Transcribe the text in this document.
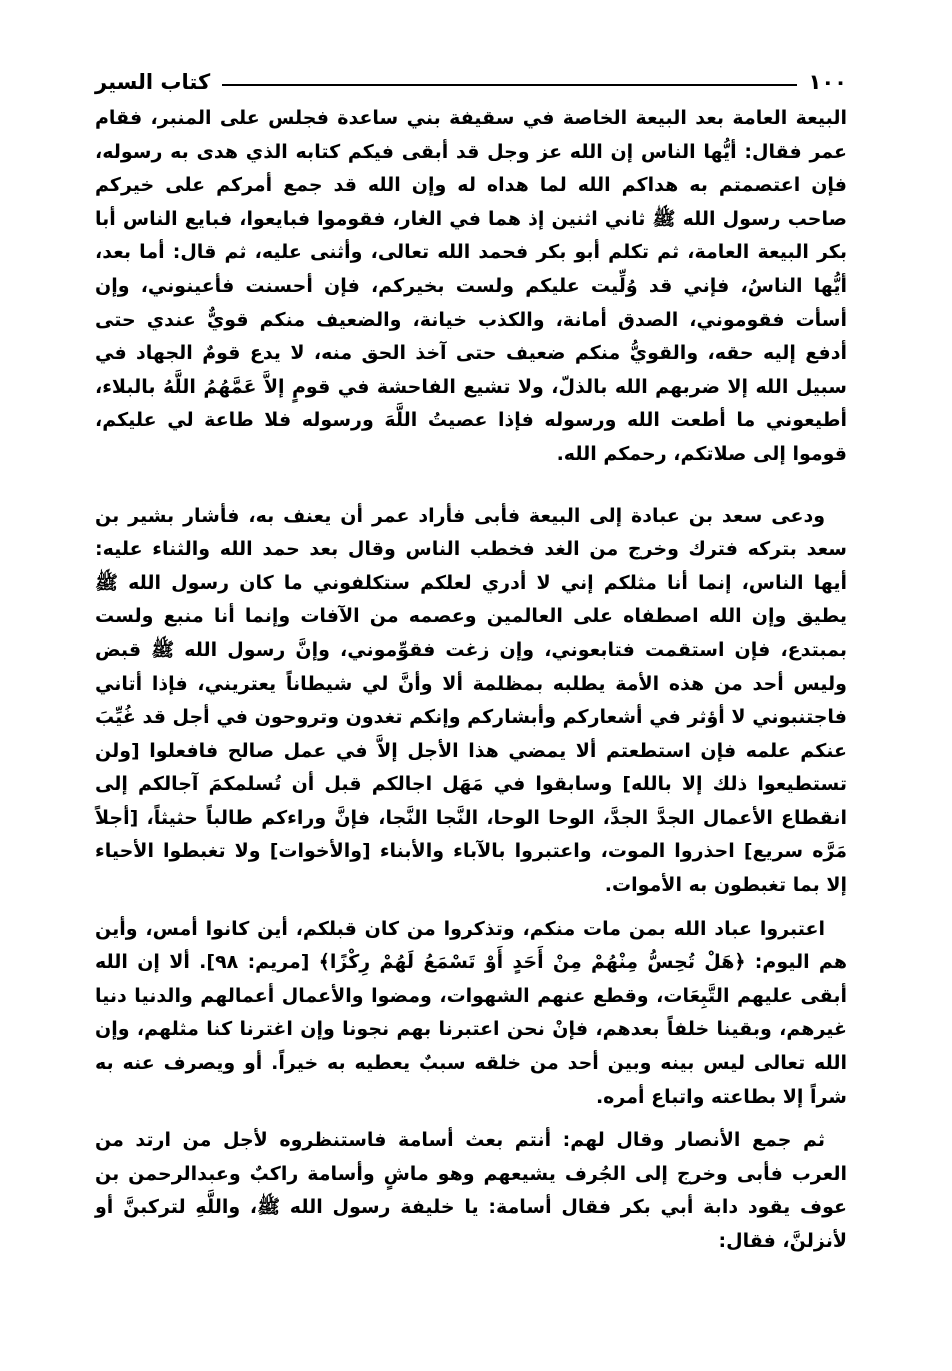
١٠٠
كتاب السير

البيعة العامة بعد البيعة الخاصة في سقيفة بني ساعدة فجلس على المنبر، فقام عمر فقال: أيُّها الناس إن الله عز وجل قد أبقى فيكم كتابه الذي هدى به رسوله، فإن اعتصمتم به هداكم الله لما هداه له وإن الله قد جمع أمركم على خيركم صاحب رسول الله ﷺ ثاني اثنين إذ هما في الغار، فقوموا فبايعوا، فبايع الناس أبا بكر البيعة العامة، ثم تكلم أبو بكر فحمد الله تعالى، وأثنى عليه، ثم قال: أما بعد، أيُّها الناسُ، فإني قد وُلِّيت عليكم ولست بخيركم، فإن أحسنت فأعينوني، وإن أسأت فقوموني، الصدق أمانة، والكذب خيانة، والضعيف منكم قويٌّ عندي حتى أدفع إليه حقه، والقويُّ منكم ضعيف حتى آخذ الحق منه، لا يدع قومٌ الجهاد في سبيل الله إلا ضربهم الله بالذلّ، ولا تشيع الفاحشة في قومٍ إلاَّ عَمَّهُمُ اللَّهُ بالبلاء، أطيعوني ما أطعت الله ورسوله فإذا عصيتُ اللَّهَ ورسوله فلا طاعة لي عليكم، قوموا إلى صلاتكم، رحمكم الله.

ودعى سعد بن عبادة إلى البيعة فأبى فأراد عمر أن يعنف به، فأشار بشير بن سعد بتركه فترك وخرج من الغد فخطب الناس وقال بعد حمد الله والثناء عليه: أيها الناس، إنما أنا مثلكم إني لا أدري لعلكم ستكلفوني ما كان رسول الله ﷺ يطيق وإن الله اصطفاه على العالمين وعصمه من الآفات وإنما أنا منبع ولست بمبتدع، فإن استقمت فتابعوني، وإن زغت فقوِّموني، وإنَّ رسول الله ﷺ قبض وليس أحد من هذه الأمة يطلبه بمظلمة ألا وأنَّ لي شيطاناً يعتريني، فإذا أتاني فاجتنبوني لا أؤثر في أشعاركم وأبشاركم وإنكم تغدون وتروحون في أجل قد غُيِّبَ عنكم علمه فإن استطعتم ألا يمضي هذا الأجل إلاَّ في عمل صالح فافعلوا [ولن تستطيعوا ذلك إلا بالله] وسابقوا في مَهَل اجالكم قبل أن تُسلمكمَ آجالكم إلى انقطاع الأعمال الجدَّ الجدَّ، الوحا الوحا، النَّجا النَّجا، فإنَّ وراءكم طالباً حثيثاً، [أجلاً مَرَّه سريع] احذروا الموت، واعتبروا بالآباء والأبناء [والأخوات] ولا تغبطوا الأحياء إلا بما تغبطون به الأموات.

اعتبروا عباد الله بمن مات منكم، وتذكروا من كان قبلكم، أين كانوا أمس، وأين هم اليوم: ﴿هَلْ تُحِسُّ مِنْهُمْ مِنْ أَحَدٍ أَوْ تَسْمَعُ لَهُمْ رِكْزًا﴾ [مريم: ٩٨]. ألا إن الله أبقى عليهم التَّبِعَات، وقطع عنهم الشهوات، ومضوا والأعمال أعمالهم والدنيا دنيا غيرهم، وبقينا خلفاً بعدهم، فإنْ نحن اعتبرنا بهم نجونا وإن اغترنا كنا مثلهم، وإن الله تعالى ليس بينه وبين أحد من خلقه سببٌ يعطيه به خيراً. أو ويصرف عنه به شراً إلا بطاعته واتباع أمره.

ثم جمع الأنصار وقال لهم: أنتم بعث أسامة فاستنظروه لأجل من ارتد من العرب فأبى وخرج إلى الجُرف يشيعهم وهو ماشٍ وأسامة راكبٌ وعبدالرحمن بن عوف يقود دابة أبي بكر فقال أسامة: يا خليفة رسول الله ﷺ، واللَّهِ لتركبنَّ أو لأنزلنَّ، فقال:
